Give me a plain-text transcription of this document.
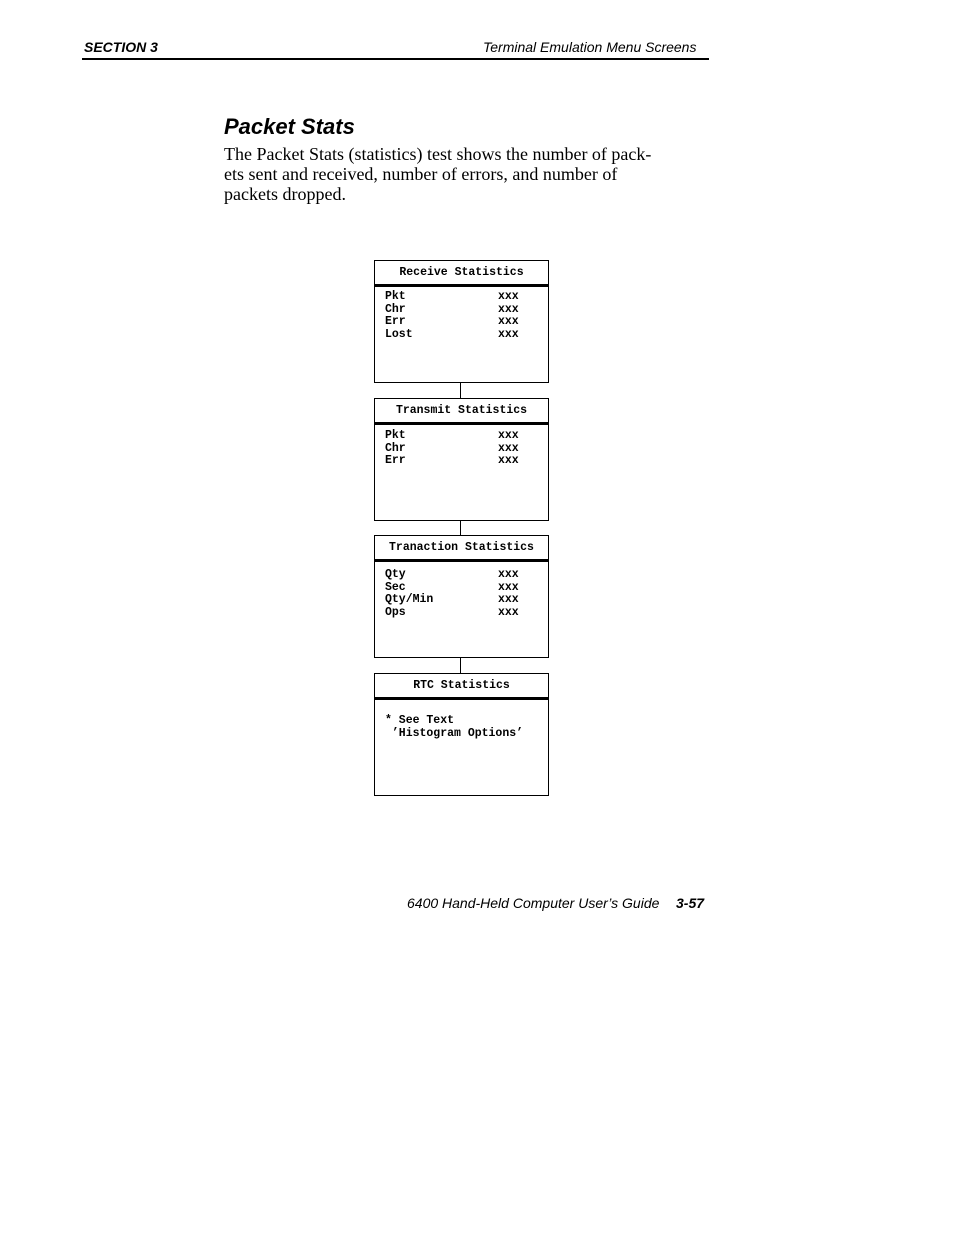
SECTION 3	Terminal Emulation Menu Screens
Packet Stats

The Packet Stats (statistics) test shows the number of pack-
ets sent and received, number of errors, and number of
packets dropped.

Receive Statistics
Pkt	xxx
Chr	xxx
Err	xxx
Lost	xxx
Transmit Statistics
Pkt	xxx
Chr	xxx
Err	xxx
Tranaction Statistics
Qty	xxx
Sec	xxx
Qty/Min	xxx
Ops	xxx
RTC Statistics
* See Text
’Histogram Options’
6400 Hand-Held Computer User’s Guide 3-57
